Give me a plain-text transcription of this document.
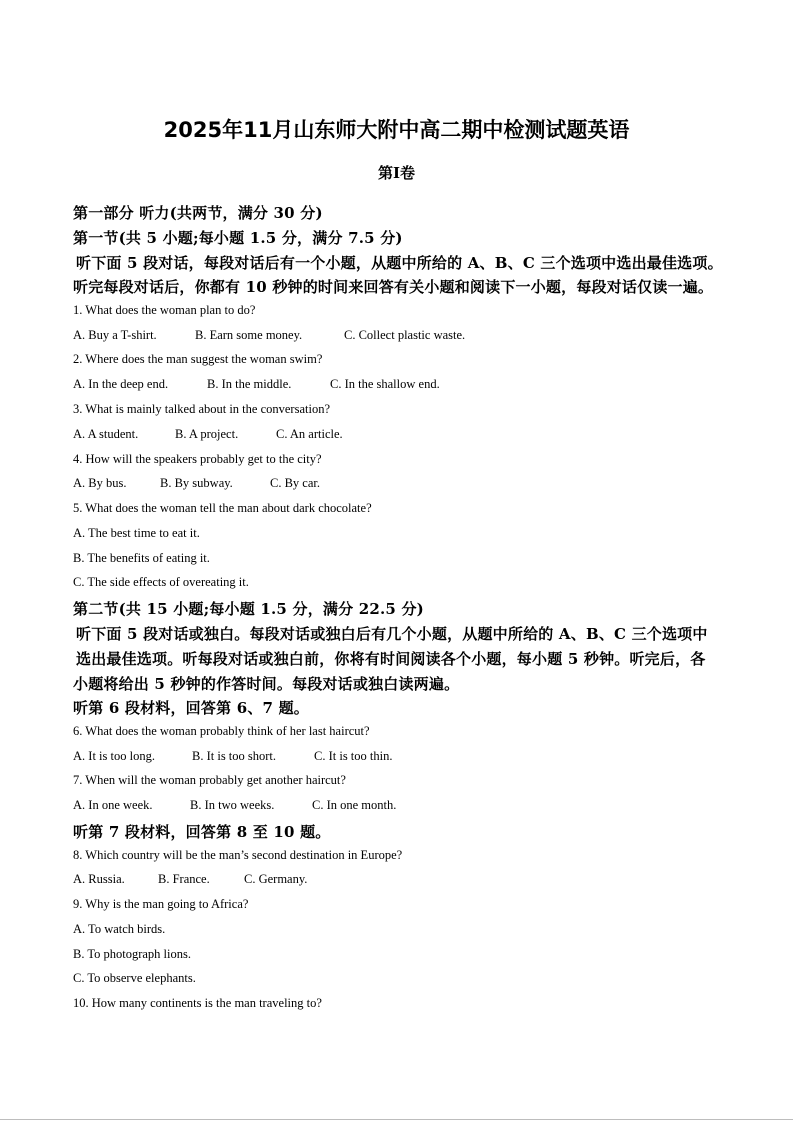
2025年11月山东师大附中高二期中检测试题英语
第Ⅰ卷
第一部分 听力(共两节，满分 30 分)
第一节(共 5 小题;每小题 1.5 分，满分 7.5 分)
听下面 5 段对话，每段对话后有一个小题，从题中所给的 A、B、C 三个选项中选出最佳选项。
听完每段对话后，你都有 10 秒钟的时间来回答有关小题和阅读下一小题，每段对话仅读一遍。
1. What does the woman plan to do?
A. Buy a T-shirt.	B. Earn some money.	C. Collect plastic waste.
2. Where does the man suggest the woman swim?
A. In the deep end.	B. In the middle.	C. In the shallow end.
3. What is mainly talked about in the conversation?
A. A student.	B. A project.	C. An article.
4. How will the speakers probably get to the city?
A. By bus.	B. By subway.	C. By car.
5. What does the woman tell the man about dark chocolate?
A. The best time to eat it.
B. The benefits of eating it.
C. The side effects of overeating it.
第二节(共 15 小题;每小题 1.5 分，满分 22.5 分)
听下面 5 段对话或独白。每段对话或独白后有几个小题，从题中所给的 A、B、C 三个选项中
选出最佳选项。听每段对话或独白前，你将有时间阅读各个小题，每小题 5 秒钟。听完后，各
小题将给出 5 秒钟的作答时间。每段对话或独白读两遍。
听第 6 段材料，回答第 6、7 题。
6. What does the woman probably think of her last haircut?
A. It is too long.	B. It is too short.	C. It is too thin.
7. When will the woman probably get another haircut?
A. In one week.	B. In two weeks.	C. In one month.
听第 7 段材料，回答第 8 至 10 题。
8. Which country will be the man’s second destination in Europe?
A. Russia.	B. France.	C. Germany.
9. Why is the man going to Africa?
A. To watch birds.
B. To photograph lions.
C. To observe elephants.
10. How many continents is the man traveling to?
